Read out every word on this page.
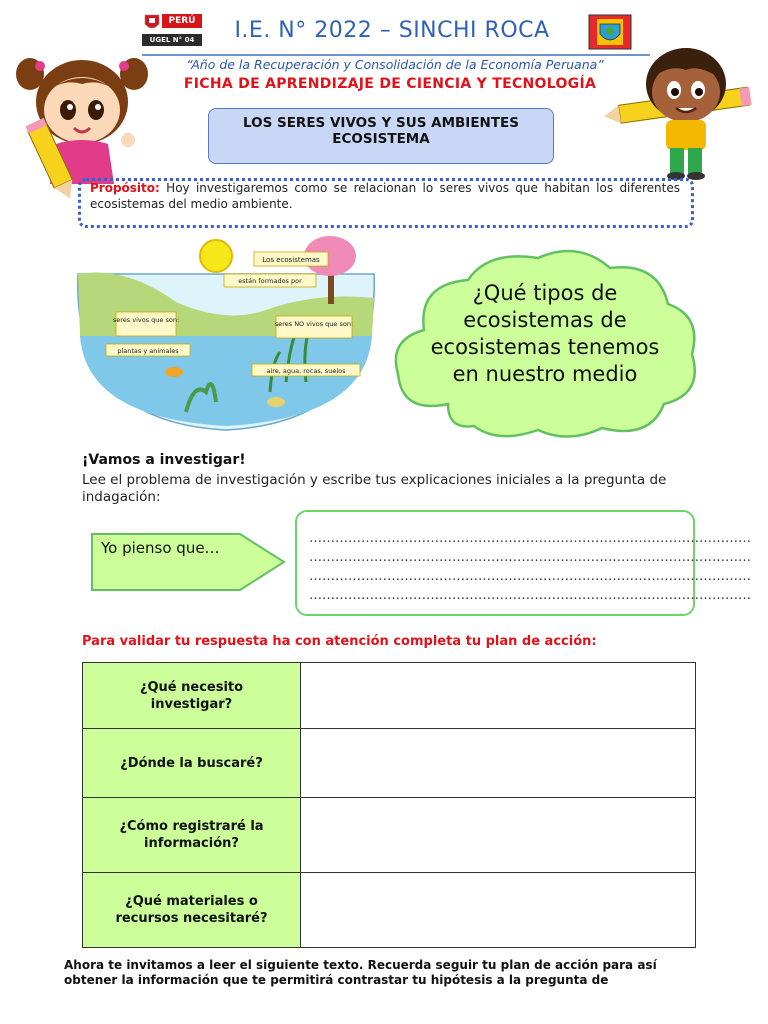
PERÚ
UGEL N° 04	I.E. N° 2022 – SINCHI ROCA
“Año de la Recuperación y Consolidación de la Economía Peruana”
FICHA DE APRENDIZAJE DE CIENCIA Y TECNOLOGÍA
LOS SERES VIVOS Y SUS AMBIENTES
ECOSISTEMA
Propósito: Hoy investigaremos como se relacionan lo seres vivos que habitan los diferentes ecosistemas del medio ambiente.
Los ecosistemas
están formados por
seres vivos que son:
plantas y animales
seres NO vivos que son:
aire, agua, rocas, suelos
¿Qué tipos de ecosistemas de ecosistemas tenemos en nuestro medio
¡Vamos a investigar!
Lee el problema de investigación y escribe tus explicaciones iniciales a la pregunta de indagación:
Yo pienso que…
…………………………………………………………………………………………
…………………………………………………………………………………………
…………………………………………………………………………………………
…………………………………………………………………………………………
Para validar tu respuesta ha con atención completa tu plan de acción:
¿Qué necesito investigar?	
¿Dónde la buscaré?	
¿Cómo registraré la información?	
¿Qué materiales o recursos necesitaré?	
Ahora te invitamos a leer el siguiente texto. Recuerda seguir tu plan de acción para así obtener la información que te permitirá contrastar tu hipótesis a la pregunta de
